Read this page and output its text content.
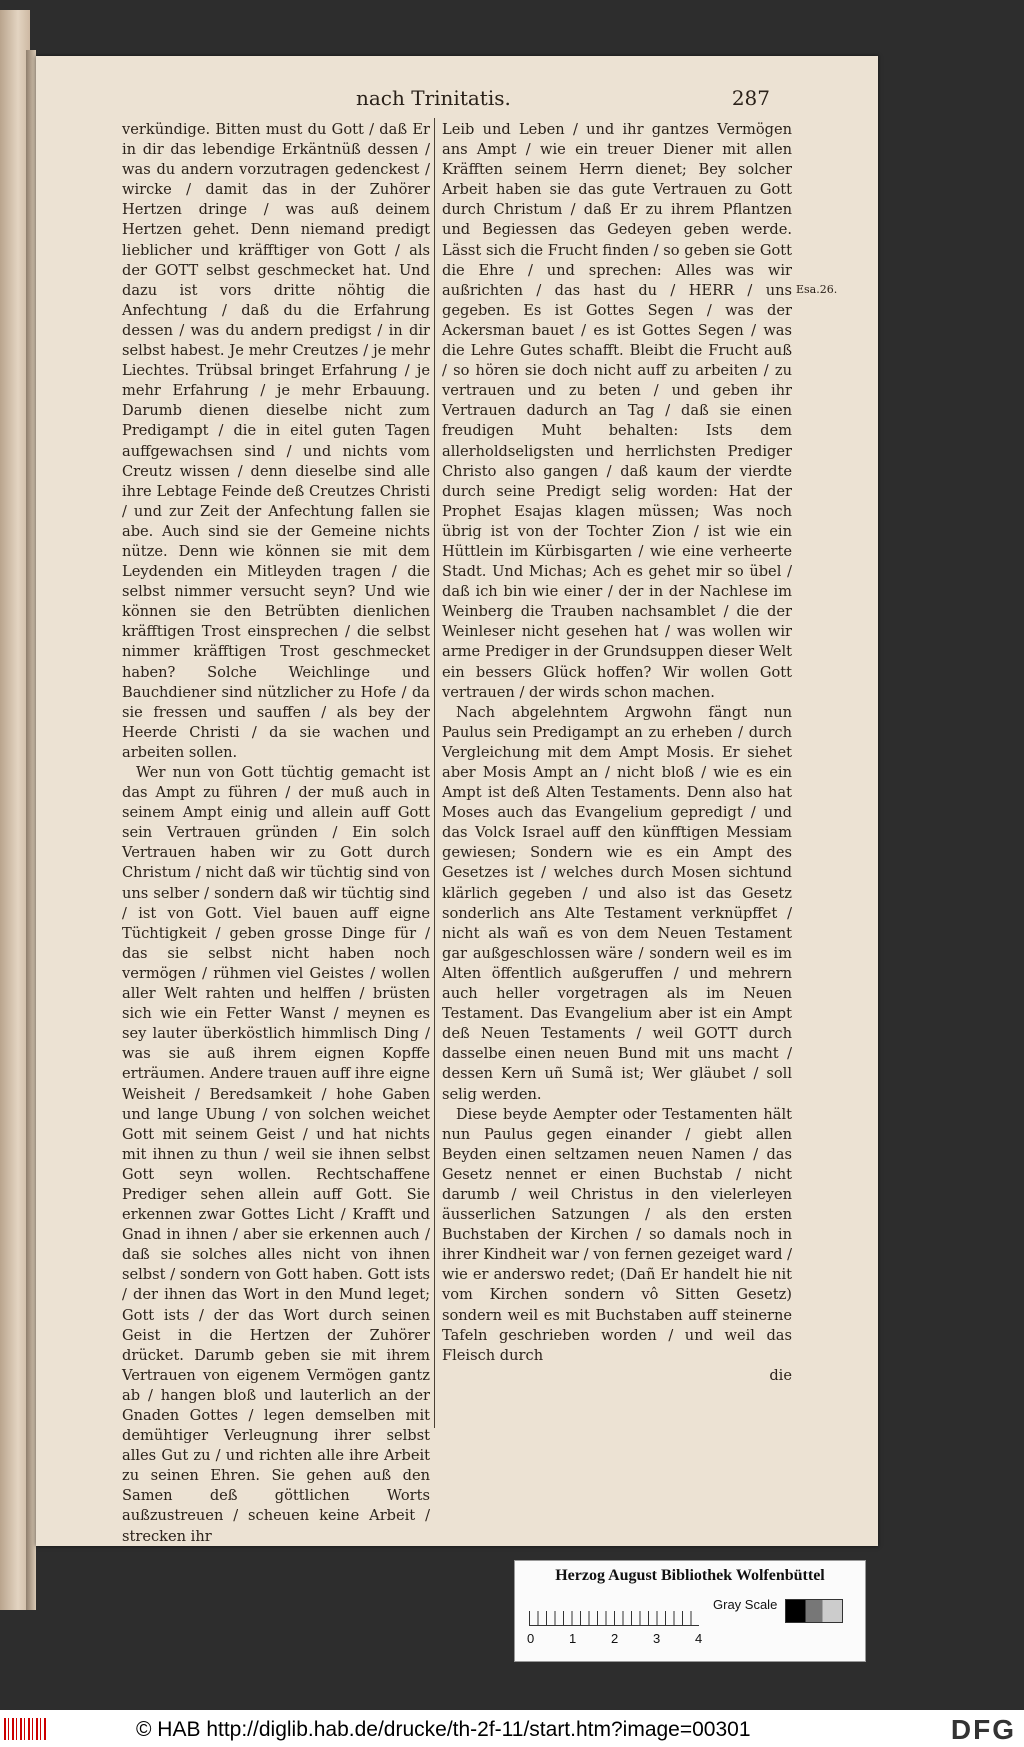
nach Trinitatis.	287

verkündige. Bitten must du Gott / daß Er in dir das lebendige Erkäntnüß dessen / was du andern vorzutragen gedenckest / wircke / damit das in der Zuhörer Hertzen dringe / was auß deinem Hertzen gehet. Denn niemand predigt lieblicher und kräfftiger von Gott / als der GOTT selbst geschmecket hat. Und dazu ist vors dritte nöhtig die Anfechtung / daß du die Erfahrung dessen / was du andern predigst / in dir selbst habest. Je mehr Creutzes / je mehr Liechtes. Trübsal bringet Erfahrung / je mehr Erfahrung / je mehr Erbauung. Darumb dienen dieselbe nicht zum Predigampt / die in eitel guten Tagen auffgewachsen sind / und nichts vom Creutz wissen / denn dieselbe sind alle ihre Lebtage Feinde deß Creutzes Christi / und zur Zeit der Anfechtung fallen sie abe. Auch sind sie der Gemeine nichts nütze. Denn wie können sie mit dem Leydenden ein Mitleyden tragen / die selbst nimmer versucht seyn? Und wie können sie den Betrübten dienlichen kräfftigen Trost einsprechen / die selbst nimmer kräfftigen Trost geschmecket haben? Solche Weichlinge und Bauchdiener sind nützlicher zu Hofe / da sie fressen und sauffen / als bey der Heerde Christi / da sie wachen und arbeiten sollen.

Wer nun von Gott tüchtig gemacht ist das Ampt zu führen / der muß auch in seinem Ampt einig und allein auff Gott sein Vertrauen gründen / Ein solch Vertrauen haben wir zu Gott durch Christum / nicht daß wir tüchtig sind von uns selber / sondern daß wir tüchtig sind / ist von Gott. Viel bauen auff eigne Tüchtigkeit / geben grosse Dinge für / das sie selbst nicht haben noch vermögen / rühmen viel Geistes / wollen aller Welt rahten und helffen / brüsten sich wie ein Fetter Wanst / meynen es sey lauter überköstlich himmlisch Ding / was sie auß ihrem eignen Kopffe erträumen. Andere trauen auff ihre eigne Weisheit / Beredsamkeit / hohe Gaben und lange Ubung / von solchen weichet Gott mit seinem Geist / und hat nichts mit ihnen zu thun / weil sie ihnen selbst Gott seyn wollen. Rechtschaffene Prediger sehen allein auff Gott. Sie erkennen zwar Gottes Licht / Krafft und Gnad in ihnen / aber sie erkennen auch / daß sie solches alles nicht von ihnen selbst / sondern von Gott haben. Gott ists / der ihnen das Wort in den Mund leget; Gott ists / der das Wort durch seinen Geist in die Hertzen der Zuhörer drücket. Darumb geben sie mit ihrem Vertrauen von eigenem Vermögen gantz ab / hangen bloß und lauterlich an der Gnaden Gottes / legen demselben mit demühtiger Verleugnung ihrer selbst alles Gut zu / und richten alle ihre Arbeit zu seinen Ehren. Sie gehen auß den Samen deß göttlichen Worts außzustreuen / scheuen keine Arbeit / strecken ihr

Leib und Leben / und ihr gantzes Vermögen ans Ampt / wie ein treuer Diener mit allen Kräfften seinem Herrn dienet; Bey solcher Arbeit haben sie das gute Vertrauen zu Gott durch Christum / daß Er zu ihrem Pflantzen und Begiessen das Gedeyen geben werde. Lässt sich die Frucht finden / so geben sie Gott die Ehre / und sprechen: Alles was wir außrichten / das hast du / HERR / uns gegeben. Es ist Gottes Segen / was der Ackersman bauet / es ist Gottes Segen / was die Lehre Gutes schafft. Bleibt die Frucht auß / so hören sie doch nicht auff zu arbeiten / zu vertrauen und zu beten / und geben ihr Vertrauen dadurch an Tag / daß sie einen freudigen Muht behalten: Ists dem allerholdseligsten und herrlichsten Prediger Christo also gangen / daß kaum der vierdte durch seine Predigt selig worden: Hat der Prophet Esajas klagen müssen; Was noch übrig ist von der Tochter Zion / ist wie ein Hüttlein im Kürbisgarten / wie eine verheerte Stadt. Und Michas; Ach es gehet mir so übel / daß ich bin wie einer / der in der Nachlese im Weinberg die Trauben nachsamblet / die der Weinleser nicht gesehen hat / was wollen wir arme Prediger in der Grundsuppen dieser Welt ein bessers Glück hoffen? Wir wollen Gott vertrauen / der wirds schon machen.

Nach abgelehntem Argwohn fängt nun Paulus sein Predigampt an zu erheben / durch Vergleichung mit dem Ampt Mosis. Er siehet aber Mosis Ampt an / nicht bloß / wie es ein Ampt ist deß Alten Testaments. Denn also hat Moses auch das Evangelium gepredigt / und das Volck Israel auff den künfftigen Messiam gewiesen; Sondern wie es ein Ampt des Gesetzes ist / welches durch Mosen sichtund klärlich gegeben / und also ist das Gesetz sonderlich ans Alte Testament verknüpffet / nicht als wañ es von dem Neuen Testament gar außgeschlossen wäre / sondern weil es im Alten öffentlich außgeruffen / und mehrern auch heller vorgetragen als im Neuen Testament. Das Evangelium aber ist ein Ampt deß Neuen Testaments / weil GOTT durch dasselbe einen neuen Bund mit uns macht / dessen Kern uñ Sumã ist; Wer gläubet / soll selig werden.

Diese beyde Aempter oder Testamenten hält nun Paulus gegen einander / giebt allen Beyden einen seltzamen neuen Namen / das Gesetz nennet er einen Buchstab / nicht darumb / weil Christus in den vielerleyen äusserlichen Satzungen / als den ersten Buchstaben der Kirchen / so damals noch in ihrer Kindheit war / von fernen gezeiget ward / wie er anderswo redet; (Dañ Er handelt hie nit vom Kirchen sondern vô Sitten Gesetz) sondern weil es mit Buchstaben auff steinerne Tafeln geschrieben worden / und weil das Fleisch durch

die

Esa.26.
Herzog August Bibliothek Wolfenbüttel
0	1	2	3	4
Gray Scale
© HAB http://diglib.hab.de/drucke/th-2f-11/start.htm?image=00301	DFG
